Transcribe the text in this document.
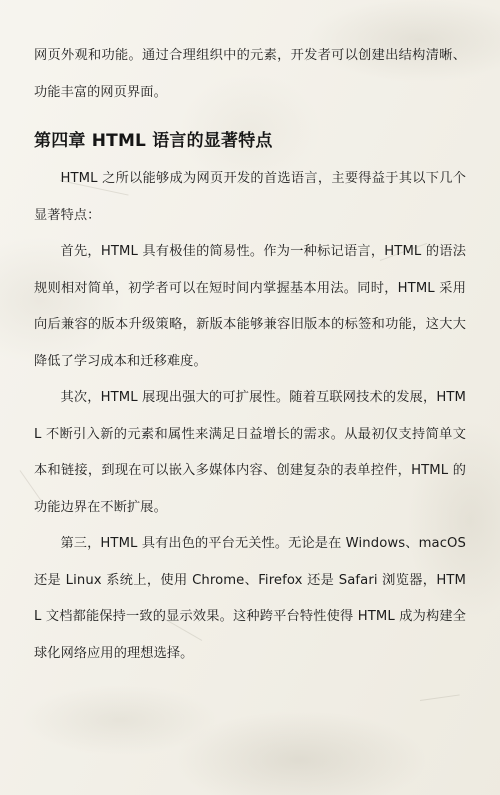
网页外观和功能。通过合理组织中的元素，开发者可以创建出结构清晰、功能丰富的网页界面。

第四章 HTML 语言的显著特点

HTML 之所以能够成为网页开发的首选语言，主要得益于其以下几个显著特点：

首先，HTML 具有极佳的简易性。作为一种标记语言，HTML 的语法规则相对简单，初学者可以在短时间内掌握基本用法。同时，HTML 采用向后兼容的版本升级策略，新版本能够兼容旧版本的标签和功能，这大大降低了学习成本和迁移难度。

其次，HTML 展现出强大的可扩展性。随着互联网技术的发展，HTML 不断引入新的元素和属性来满足日益增长的需求。从最初仅支持简单文本和链接，到现在可以嵌入多媒体内容、创建复杂的表单控件，HTML 的功能边界在不断扩展。

第三，HTML 具有出色的平台无关性。无论是在 Windows、macOS 还是 Linux 系统上，使用 Chrome、Firefox 还是 Safari 浏览器，HTML 文档都能保持一致的显示效果。这种跨平台特性使得 HTML 成为构建全球化网络应用的理想选择。
